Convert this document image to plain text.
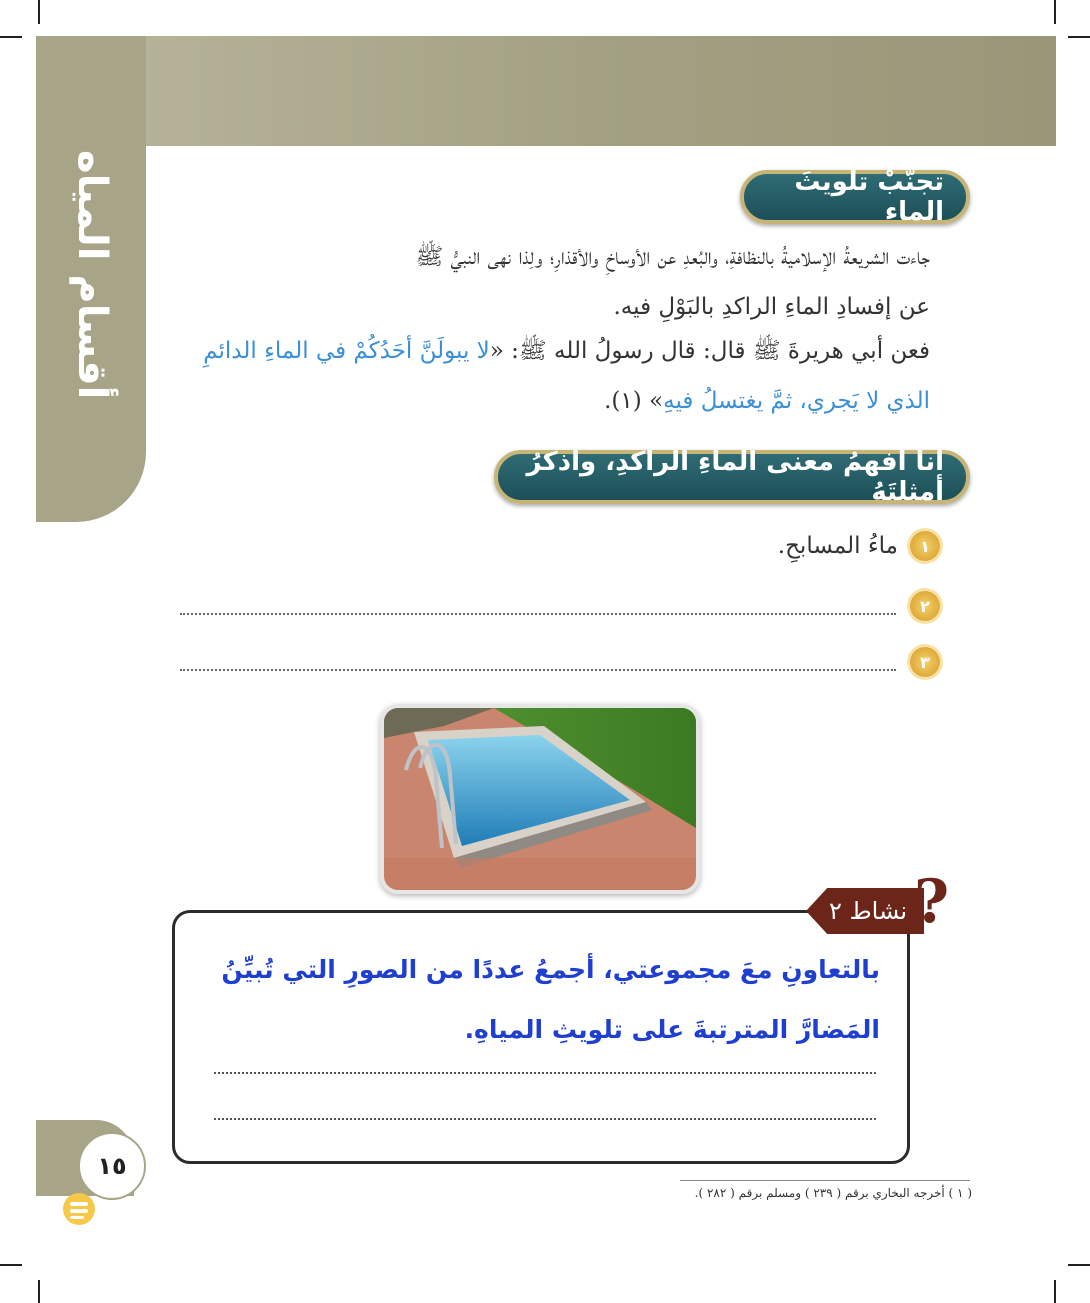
أقسام المياه	تجنُّبْ تلويثَ الماء
جاءت الشريعةُ الإسلاميةُ بالنظافةِ، والبُعدِ عن الأوساخِ والأقذارِ؛ ولِذا نهى النبيُّ ﷺ
عن إفسادِ الماءِ الراكدِ بالبَوْلِ فيه.
فعن أبي هريرةَ ﷺ قال: قال رسولُ الله ﷺ: «لا يبولَنَّ أحَدُكُمْ في الماءِ الدائمِ
الذي لا يَجري، ثمَّ يغتسلُ فيهِ» (١).
أنا أفهمُ معنى الماءِ الراكدِ، وأذكرُ أمثلتَهُ
١
ماءُ المسابحِ.
٢
٣
نشاط ٢ ?
بالتعاونِ معَ مجموعتي، أجمعُ عددًا من الصورِ التي تُبيِّنُ المَضارَّ المترتبةَ على تلويثِ المياهِ.
١٥
( ١ ) أخرجه البخاري برقم ( ٢٣٩ ) ومسلم برقم ( ٢٨٢ ).
